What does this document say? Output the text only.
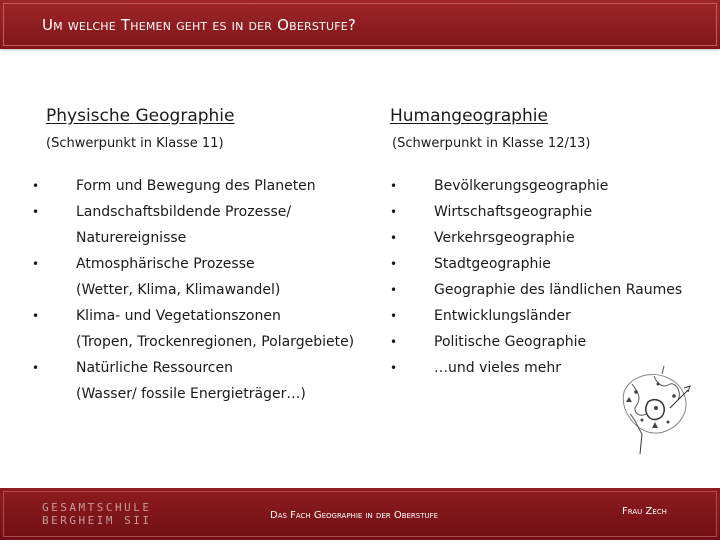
Um welche Themen geht es in der Oberstufe?
Physische Geographie
(Schwerpunkt in Klasse 11)
Humangeographie
(Schwerpunkt in Klasse 12/13)
•	Form und Bewegung des Planeten
•	Landschaftsbildende Prozesse/
Naturereignisse
•	Atmosphärische Prozesse
(Wetter, Klima, Klimawandel)
•	Klima- und Vegetationszonen
(Tropen, Trockenregionen, Polargebiete)
•	Natürliche Ressourcen
(Wasser/ fossile Energieträger…)
•	Bevölkerungsgeographie
•	Wirtschaftsgeographie
•	Verkehrsgeographie
•	Stadtgeographie
•	Geographie des ländlichen Raumes
•	Entwicklungsländer
•	Politische Geographie
•	…und vieles mehr
GESAMTSCHULE
BERGHEIM SII	Das Fach Geographie in der Oberstufe	Frau Zech
